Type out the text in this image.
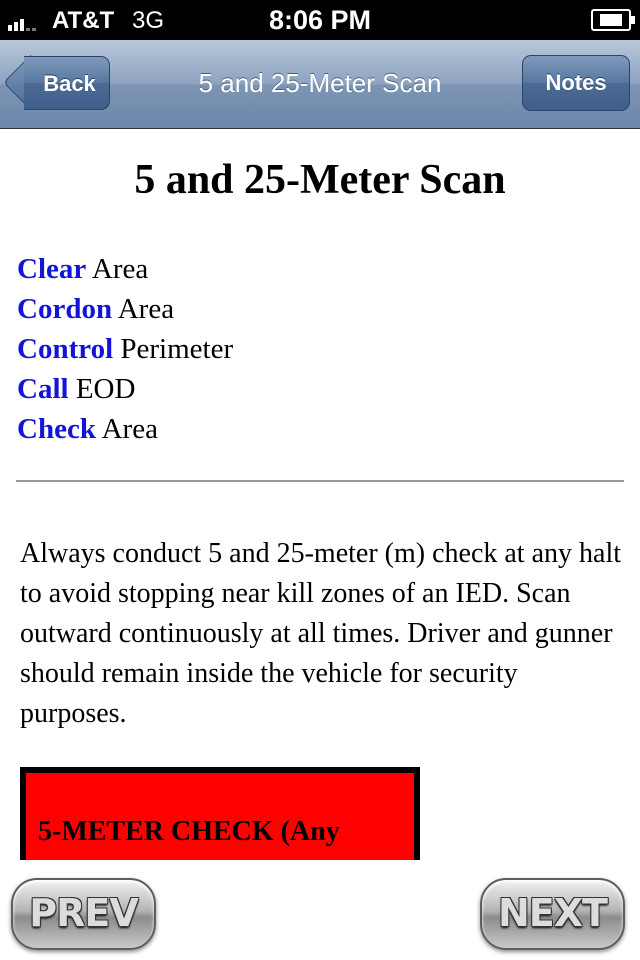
AT&T 3G	8:06 PM
Back	5 and 25-Meter Scan	Notes
5 and 25-Meter Scan
Clear Area
Cordon Area
Control Perimeter
Call EOD
Check Area

Always conduct 5 and 25-meter (m) check at any halt to avoid stopping near kill zones of an IED. Scan outward continuously at all times. Driver and gunner should remain inside the vehicle for security purposes.

5-METER CHECK (Any
PREV	NEXT
